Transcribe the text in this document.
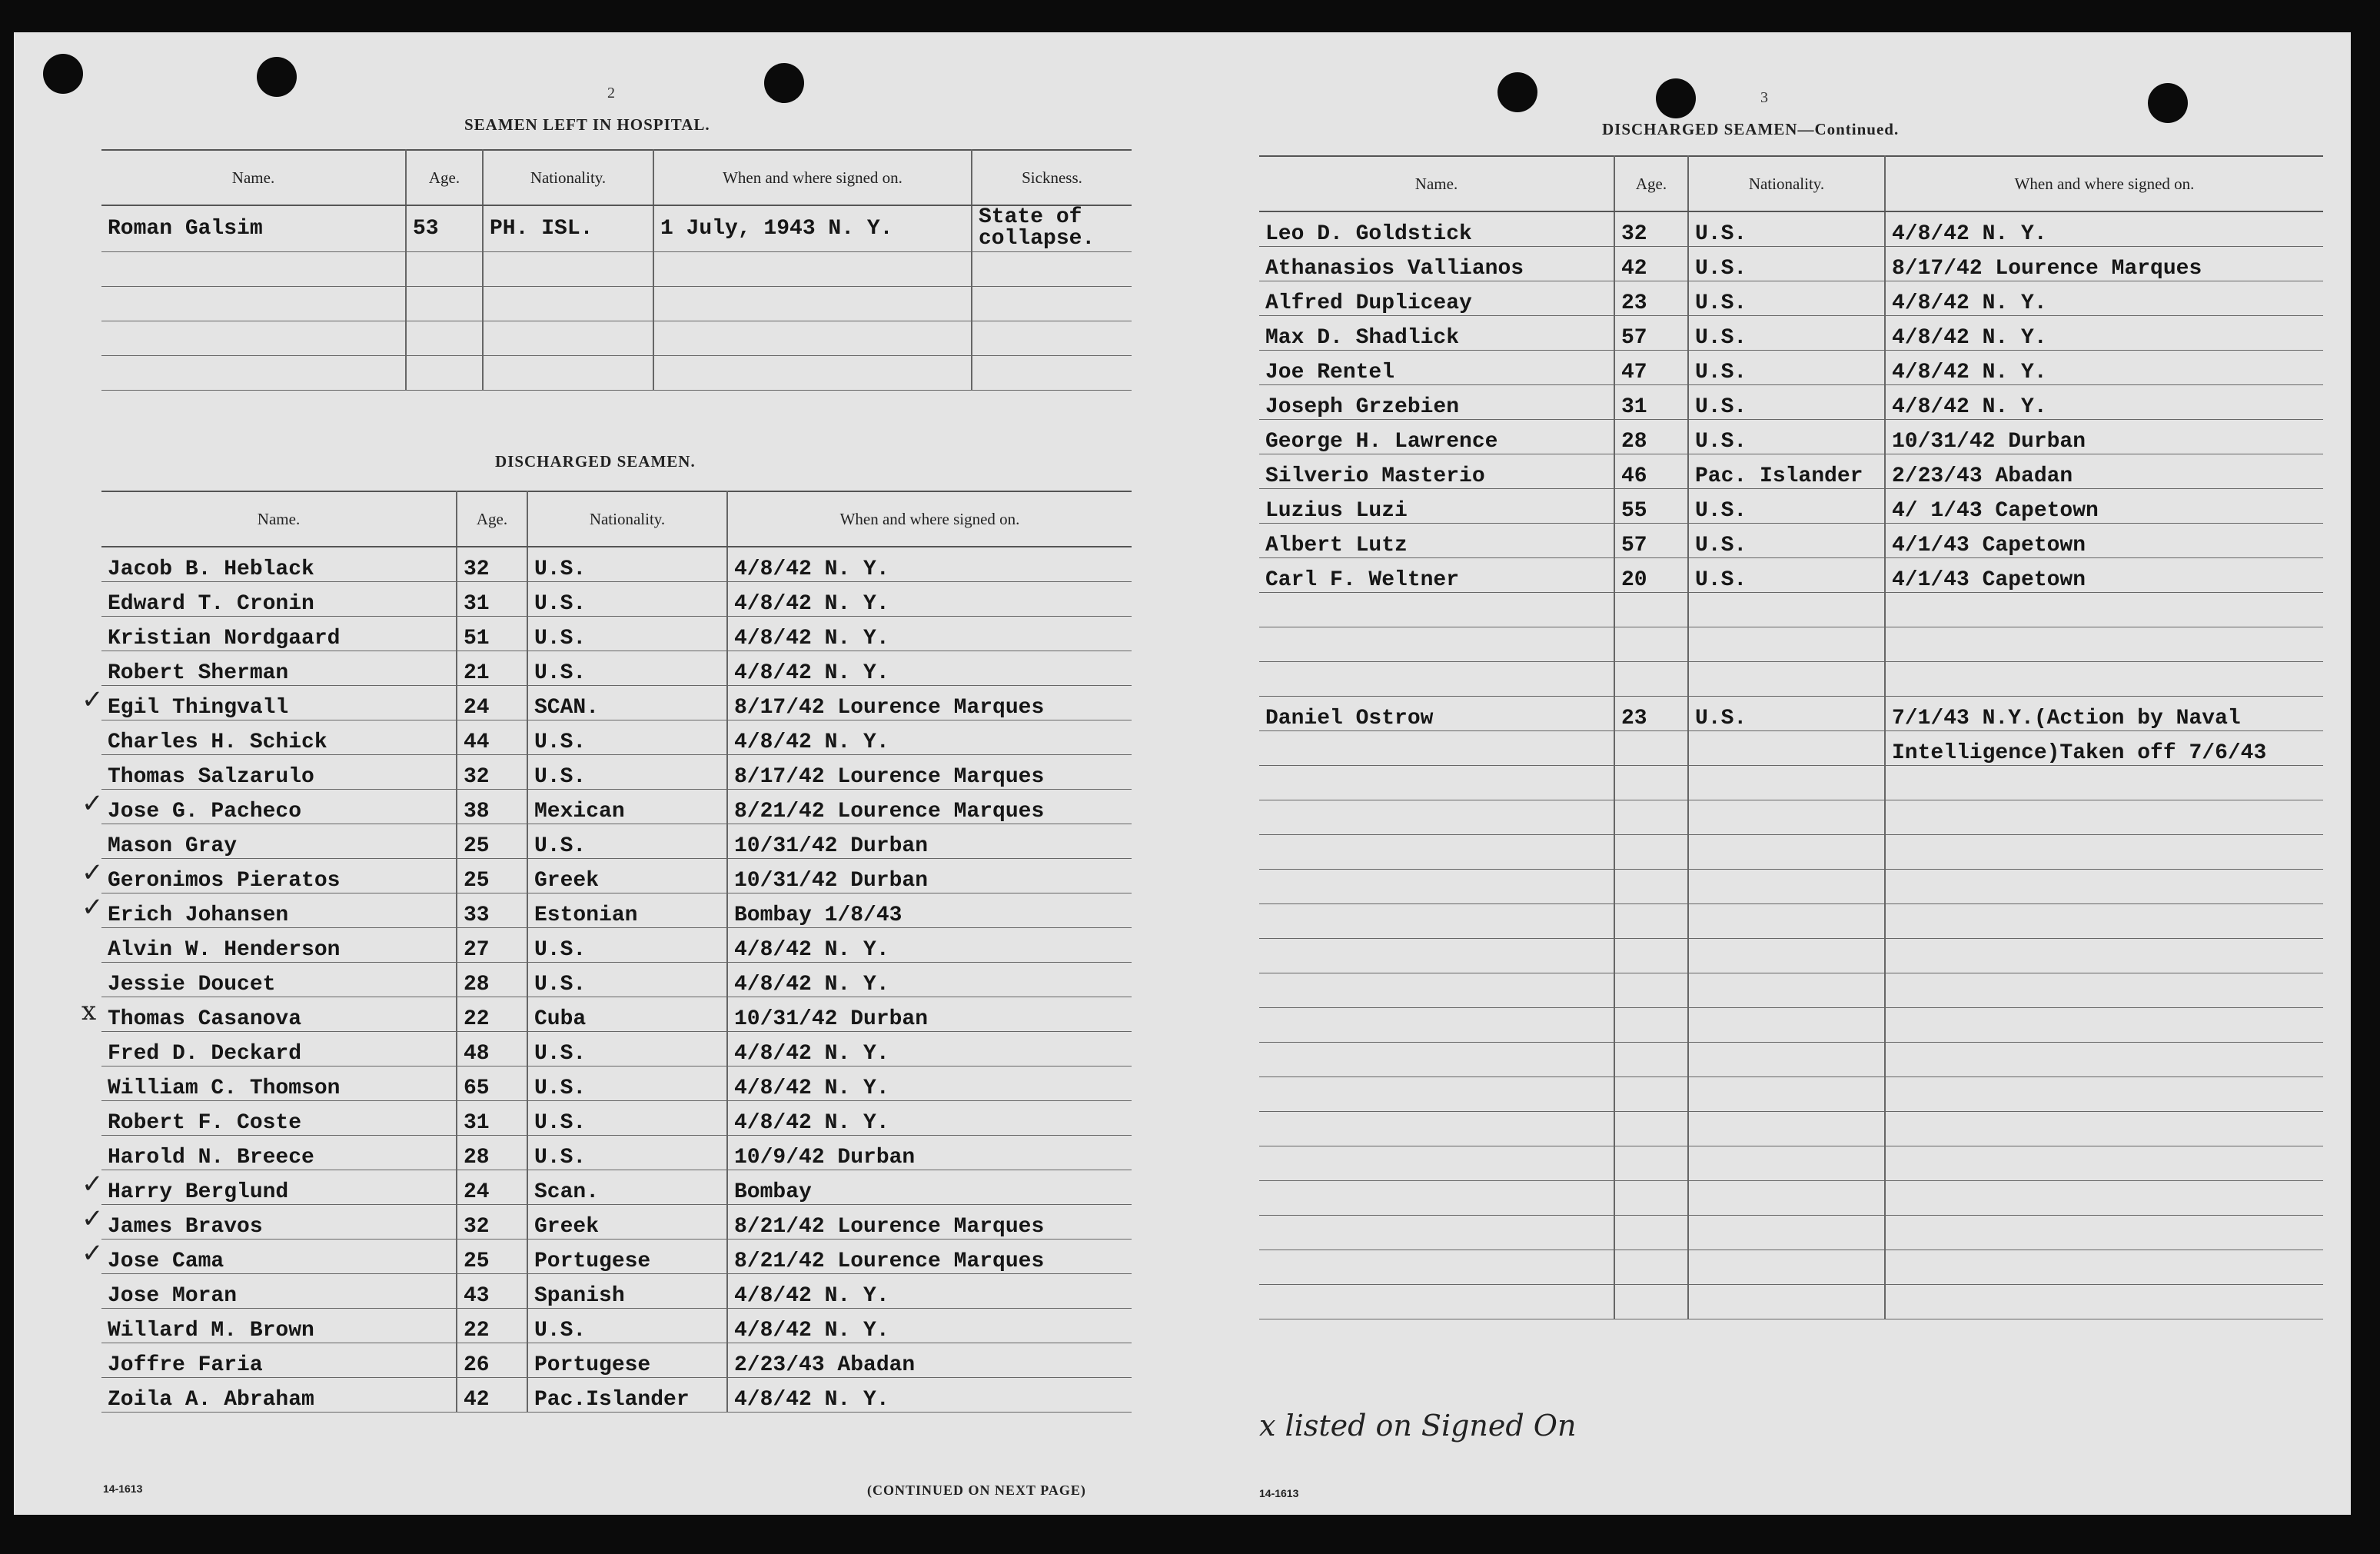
2
SEAMEN LEFT IN HOSPITAL.
Name.	Age.	Nationality.	When and where signed on.	Sickness.
Roman Galsim	53	PH. ISL.	1 July, 1943 N. Y.	State of collapse.

DISCHARGED SEAMEN.
Name.	Age.	Nationality.	When and where signed on.

Jacob B. Heblack	32	U.S.	4/8/42 N. Y.

Edward T. Cronin	31	U.S.	4/8/42 N. Y.

Kristian Nordgaard	51	U.S.	4/8/42 N. Y.

Robert Sherman	21	U.S.	4/8/42 N. Y.

✓ Egil Thingvall	24	SCAN.	8/17/42 Lourence Marques

Charles H. Schick	44	U.S.	4/8/42 N. Y.

Thomas Salzarulo	32	U.S.	8/17/42 Lourence Marques

✓ Jose G. Pacheco	38	Mexican	8/21/42 Lourence Marques

Mason Gray	25	U.S.	10/31/42 Durban

✓ Geronimos Pieratos	25	Greek	10/31/42 Durban

✓ Erich Johansen	33	Estonian	Bombay 1/8/43

Alvin W. Henderson	27	U.S.	4/8/42 N. Y.

Jessie Doucet	28	U.S.	4/8/42 N. Y.

x Thomas Casanova	22	Cuba	10/31/42 Durban

Fred D. Deckard	48	U.S.	4/8/42 N. Y.

William C. Thomson	65	U.S.	4/8/42 N. Y.

Robert F. Coste	31	U.S.	4/8/42 N. Y.

Harold N. Breece	28	U.S.	10/9/42 Durban

✓ Harry Berglund	24	Scan.	Bombay

✓ James Bravos	32	Greek	8/21/42 Lourence Marques

✓ Jose Cama	25	Portugese	8/21/42 Lourence Marques

Jose Moran	43	Spanish	4/8/42 N. Y.

Willard M. Brown	22	U.S.	4/8/42 N. Y.

Joffre Faria	26	Portugese	2/23/43 Abadan

Zoila A. Abraham	42	Pac.Islander	4/8/42 N. Y.
14-1613	(CONTINUED ON NEXT PAGE)
3
DISCHARGED SEAMEN—Continued.
Name.	Age.	Nationality.	When and where signed on.
Leo D. Goldstick	32	U.S.	4/8/42 N. Y.
Athanasios Vallianos	42	U.S.	8/17/42 Lourence Marques
Alfred Dupliceay	23	U.S.	4/8/42 N. Y.
Max D. Shadlick	57	U.S.	4/8/42 N. Y.
Joe Rentel	47	U.S.	4/8/42 N. Y.
Joseph Grzebien	31	U.S.	4/8/42 N. Y.
George H. Lawrence	28	U.S.	10/31/42 Durban
Silverio Masterio	46	Pac. Islander	2/23/43 Abadan
Luzius Luzi	55	U.S.	4/ 1/43 Capetown
Albert Lutz	57	U.S.	4/1/43 Capetown
Carl F. Weltner	20	U.S.	4/1/43 Capetown

Daniel Ostrow	23	U.S.	7/1/43 N.Y.(Action by Naval
			Intelligence)Taken off 7/6/43

x listed on Signed On
14-1613
